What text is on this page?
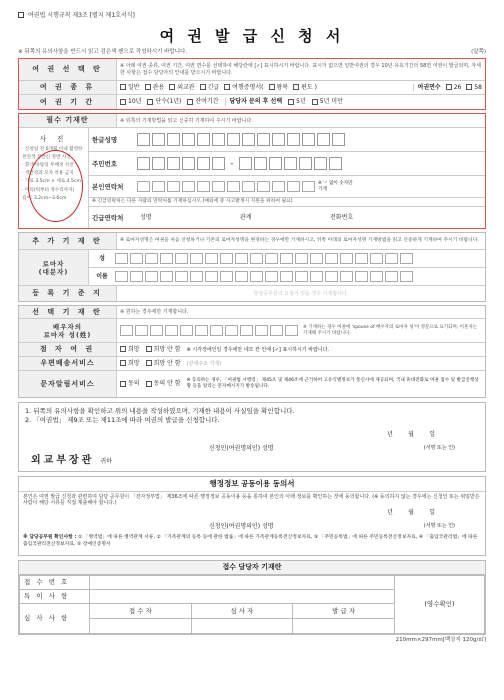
여권법 시행규칙 제3조 [별지 제1호서식]
여 권 발 급 신 청 서
※ 뒤쪽의 유의사항을 반드시 읽고 검은색 펜으로 작성하시기 바랍니다.	(앞쪽)
여 권 선 택 란	※ 아래 여권 종류, 여권 기간, 여권 면수를 선택하여 해당란에 [✓] 표시하시기 바랍니다. 표시가 없으면 일반여권의 경우 10년 유효기간의 58면 여권이 발급되며, 자세한 사항은 접수 담당자의 안내를 받으시기 바랍니다.
여 권 종 류	일반	관용	외교관	긴급	여행증명서(	왕복	편도 )	여권면수	26	58
여 권 기 간	10년	단수(1년)	잔여기간	담당자 문의 후 선택	5년	5년 미만
필수 기재란	※ 뒤쪽의 기재방법을 읽고 신중히 기재하여 주시기 바랍니다.
사 진
· 신청일 전 6개월 이내 촬영한
천연색 상반신 정면 사진
· 흰색 바탕의 무배경 사진
· 색안경과 모자 착용 금지
· 가로 3.5cm × 세로 4.5cm
· 머리(턱부터 정수리까지)
길이: 3.2cm~3.6cm
한글성명
주민번호	-
본인연락처	※ '-' 없이 숫자만 기재
※ 긴급연락처는 다른 사람의 연락처를 기재하십시오.(예외에 중 사고발생시 지원을 위하여 필요)
긴급연락처	성명	관계	전화번호
추 가 기 재 란	※ 로마자성명은 여권을 처음 신청하거나 기존의 로마자성명을 변경하는 경우에만 기재하시고, 뒤쪽 아래의 로마자성명 기재방법을 읽고 신중하게 기재하여 주시기 바랍니다.
로마자
(대문자)
성
이름
등 록 기 준 지	담당공무원의 요청이 있을 경우 기재합니다.
선 택 기 재 란	※ 원하는 경우에만 기재합니다.
배우자의
로마자 성(姓)
※ 기재하는 경우 여권에 'spouse of 배우자의 로마자 성'이 영문으로 표기되며, 미혼자는 기재해 주시기 바랍니다.
점 자 여 권	희망	희망 안 함 ※ 시각장애인일 경우에만 네모 칸 안에 [✓] 표시하시기 바랍니다.
우편배송서비스	희망	희망 안 함 (상세주소 기재)
문자알림서비스	동의	동의 안 함 ※ 동의하는 경우, 「여권법 시행령」 제45조 및 제46조에 근거하여 고유식별정보가 통신사에 제공되며, 국내 휴대전화로 여권 접수 및 발급진행상황 등을 알리는 문자메시지가 발송됩니다.
1. 뒤쪽의 유의사항을 확인하고 위의 내용을 작성하였으며, 기재한 내용이 사실임을 확인합니다.
2. 「여권법」 제9조 또는 제11조에 따라 여권의 발급을 신청합니다.
년        월        일
신청인(여권명의인) 성명	(서명 또는 인)
외교부장관 귀하
행정정보 공동이용 동의서
본인은 여권 발급 신청과 관련하여 담당 공무원이 「전자정부법」 제36조에 따른 행정정보 공동이용 등을 통하여 본인의 아래 정보를 확인하는 것에 동의합니다. (※ 동의하지 않는 경우에는 신청인 또는 위임받은 사람이 해당 서류를 직접 제출해야 합니다.)
년        월        일
신청인(여권명의인) 성명	(서명 또는 인)
※ 담당공무원 확인사항 : ① 「병역법」에 따른 병역관계 서류, ② 「가족관계의 등록 등에 관한 법률」에 따른 가족관계등록전산정보자료, ③ 「주민등록법」에 따른 주민등록전산정보자료, ④ 「출입국관리법」에 따른 출입국관리전산정보자료, ⑤ 장애인증명서
접수 담당자 기재란
접 수 번 호				(영수확인)
특 이 사 항				
심 사 사 항	접 수 자	심 사 자	발 급 자	

210mm×297mm[백상지 120g/㎡]
